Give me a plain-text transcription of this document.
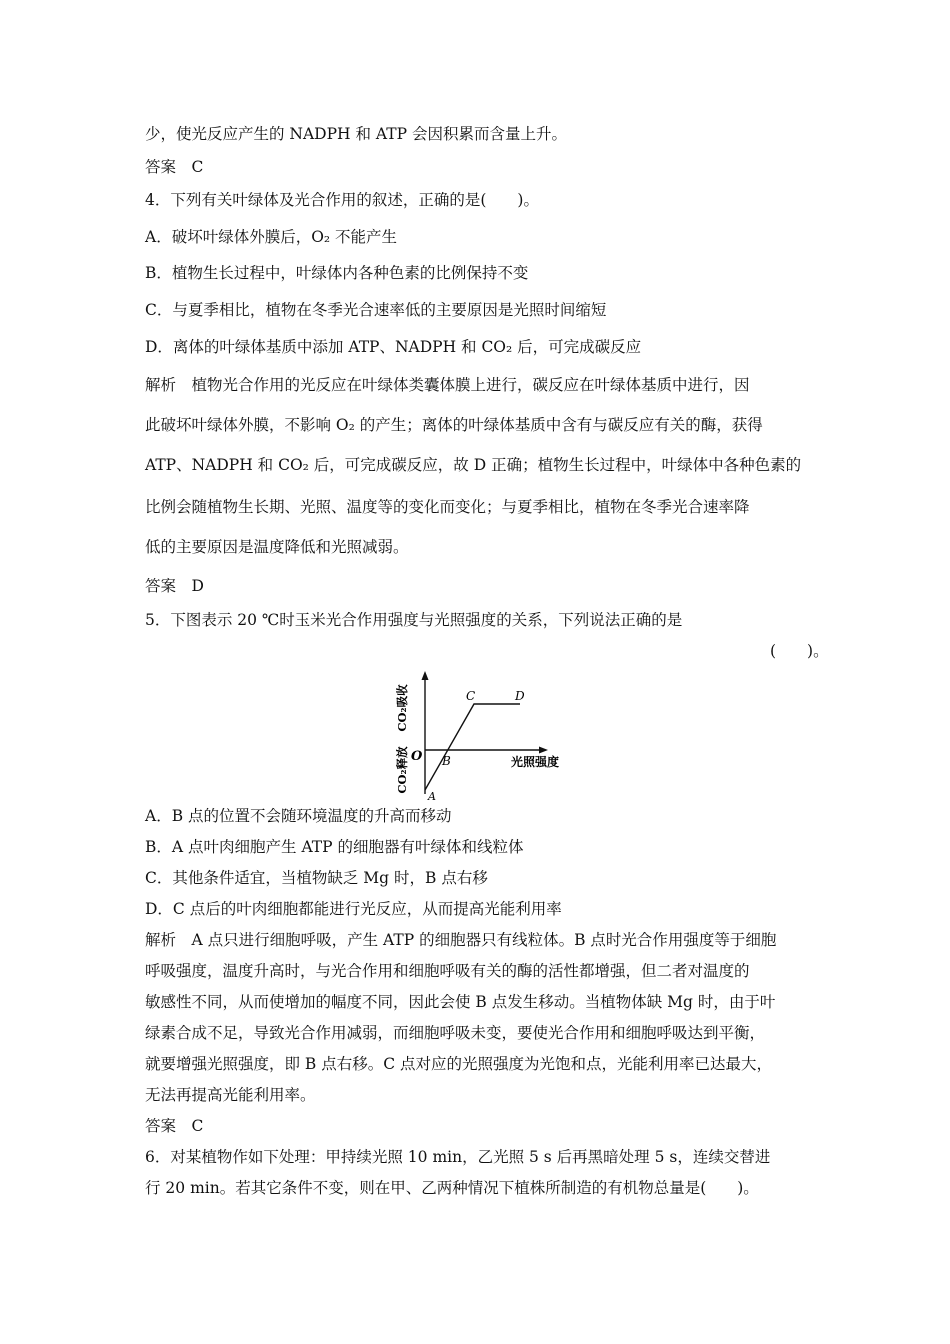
少，使光反应产生的 NADPH 和 ATP 会因积累而含量上升。
答案　C
4．下列有关叶绿体及光合作用的叙述，正确的是(　　)。
A．破坏叶绿体外膜后，O₂ 不能产生
B．植物生长过程中，叶绿体内各种色素的比例保持不变
C．与夏季相比，植物在冬季光合速率低的主要原因是光照时间缩短
D．离体的叶绿体基质中添加 ATP、NADPH 和 CO₂ 后，可完成碳反应
解析　植物光合作用的光反应在叶绿体类囊体膜上进行，碳反应在叶绿体基质中进行，因
此破坏叶绿体外膜，不影响 O₂ 的产生；离体的叶绿体基质中含有与碳反应有关的酶，获得
ATP、NADPH 和 CO₂ 后，可完成碳反应，故 D 正确；植物生长过程中，叶绿体中各种色素的
比例会随植物生长期、光照、温度等的变化而变化；与夏季相比，植物在冬季光合速率降
低的主要原因是温度降低和光照减弱。
答案　D
5．下图表示 20 ℃时玉米光合作用强度与光照强度的关系，下列说法正确的是
(　　)。
CO₂吸收
CO₂释放	光照强度
O
A
B
C	D
A．B 点的位置不会随环境温度的升高而移动
B．A 点叶肉细胞产生 ATP 的细胞器有叶绿体和线粒体
C．其他条件适宜，当植物缺乏 Mg 时，B 点右移
D．C 点后的叶肉细胞都能进行光反应，从而提高光能利用率
解析　A 点只进行细胞呼吸，产生 ATP 的细胞器只有线粒体。B 点时光合作用强度等于细胞
呼吸强度，温度升高时，与光合作用和细胞呼吸有关的酶的活性都增强，但二者对温度的
敏感性不同，从而使增加的幅度不同，因此会使 B 点发生移动。当植物体缺 Mg 时，由于叶
绿素合成不足，导致光合作用减弱，而细胞呼吸未变，要使光合作用和细胞呼吸达到平衡，
就要增强光照强度，即 B 点右移。C 点对应的光照强度为光饱和点，光能利用率已达最大，
无法再提高光能利用率。
答案　C
6．对某植物作如下处理：甲持续光照 10 min，乙光照 5 s 后再黑暗处理 5 s，连续交替进
行 20 min。若其它条件不变，则在甲、乙两种情况下植株所制造的有机物总量是(　　)。
